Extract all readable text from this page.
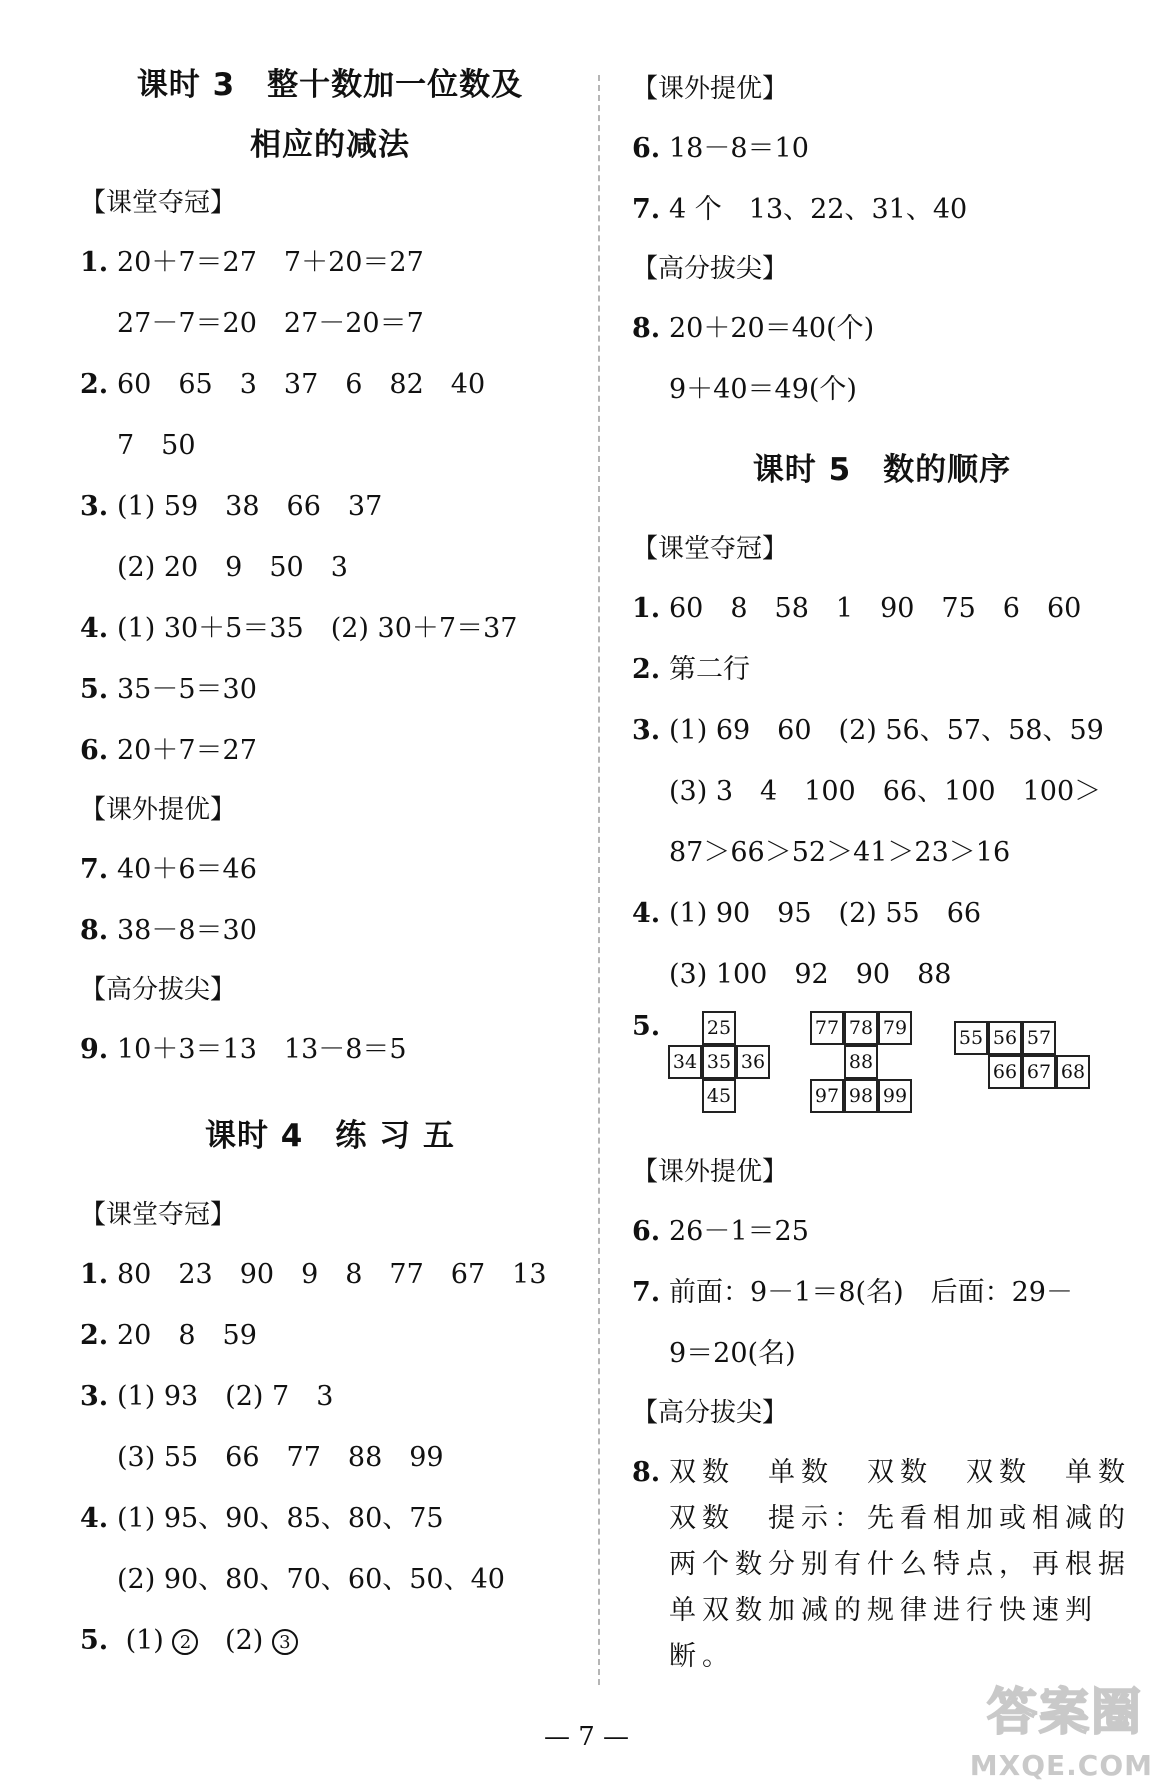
课时 3　整十数加一位数及
相应的减法
【课堂夺冠】
1. 20＋7＝27　7＋20＝27
27－7＝20　27－20＝7
2. 60　65　3　37　6　82　40
7　50
3. (1) 59　38　66　37
(2) 20　9　50　3
4. (1) 30＋5＝35　(2) 30＋7＝37
5. 35－5＝30
6. 20＋7＝27
【课外提优】
7. 40＋6＝46
8. 38－8＝30
【高分拔尖】
9. 10＋3＝13　13－8＝5
课时 4　练 习 五
【课堂夺冠】
1. 80　23　90　9　8　77　67　13
2. 20　8　59
3. (1) 93　(2) 7　3
(3) 55　66　77　88　99
4. (1) 95、90、85、80、75
(2) 90、80、70、60、50、40
5. (1) 2 (2) 3
【课外提优】
6. 18－8＝10
7. 4 个　13、22、31、40
【高分拔尖】
8. 20＋20＝40(个)
9＋40＝49(个)
课时 5　数的顺序
【课堂夺冠】
1. 60　8　58　1　90　75　6　60
2. 第二行
3. (1) 69　60　(2) 56、57、58、59
(3) 3　4　100　66、100　100＞
87＞66＞52＞41＞23＞16
4. (1) 90　95　(2) 55　66
(3) 100　92　90　88
5.	25
34 35 36
45
77 78 79
88
97 98 99
55 56 57
66 67 68
【课外提优】
6. 26－1＝25
7. 前面：9－1＝8(名)　后面：29－
9＝20(名)
【高分拔尖】
8. 双数　单数　双数　双数　单数　双数　提示：先看相加或相减的两个数分别有什么特点，再根据单双数加减的规律进行快速判断。
— 7 —	答案圈
MXQE.COM
